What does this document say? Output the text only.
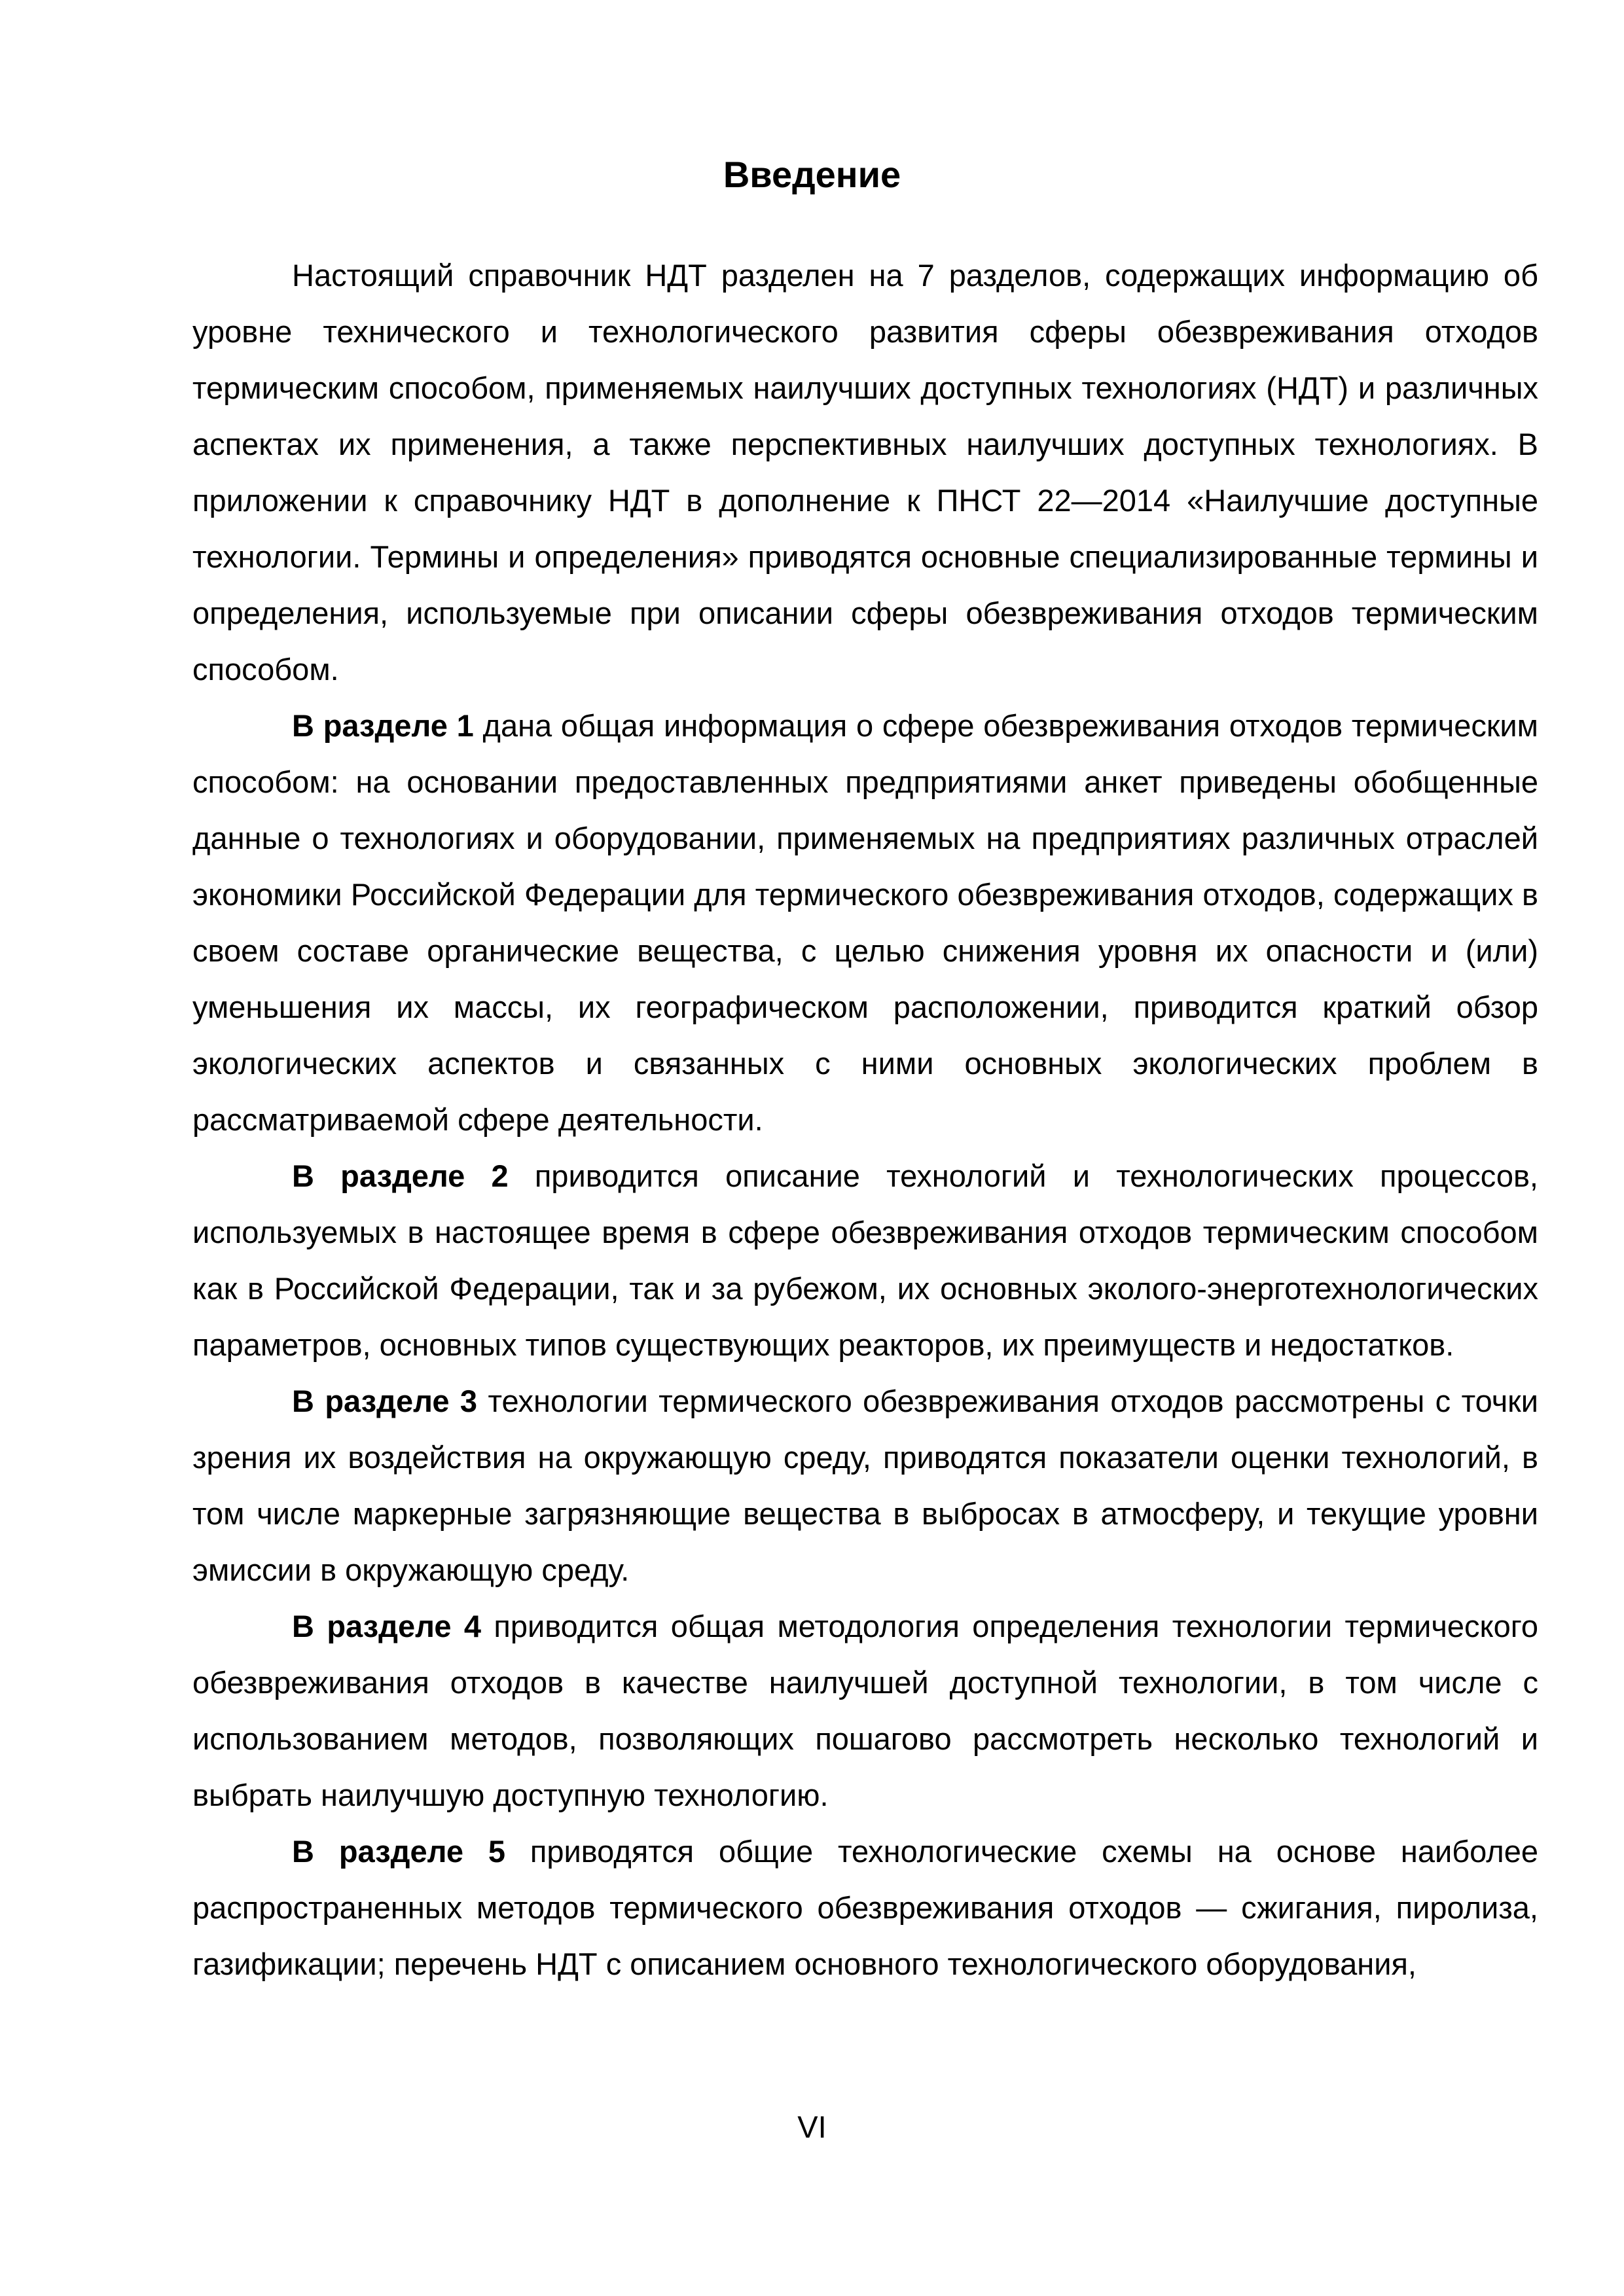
Введение

Настоящий справочник НДТ разделен на 7 разделов, содержащих информацию об уровне технического и технологического развития сферы обезвреживания отходов термическим способом, применяемых наилучших доступных технологиях (НДТ) и различных аспектах их применения, а также перспективных наилучших доступных технологиях. В приложении к справочнику НДТ в дополнение к ПНСТ 22—2014 «Наилучшие доступные технологии. Термины и определения» приводятся основные специализированные термины и определения, используемые при описании сферы обезвреживания отходов термическим способом.

В разделе 1 дана общая информация о сфере обезвреживания отходов термическим способом: на основании предоставленных предприятиями анкет приведены обобщенные данные о технологиях и оборудовании, применяемых на предприятиях различных отраслей экономики Российской Федерации для термического обезвреживания отходов, содержащих в своем составе органические вещества, с целью снижения уровня их опасности и (или) уменьшения их массы, их географическом расположении, приводится краткий обзор экологических аспектов и связанных с ними основных экологических проблем в рассматриваемой сфере деятельности.

В разделе 2 приводится описание технологий и технологических процессов, используемых в настоящее время в сфере обезвреживания отходов термическим способом как в Российской Федерации, так и за рубежом, их основных эколого-энерготехнологических параметров, основных типов существующих реакторов, их преимуществ и недостатков.

В разделе 3 технологии термического обезвреживания отходов рассмотрены с точки зрения их воздействия на окружающую среду, приводятся показатели оценки технологий, в том числе маркерные загрязняющие вещества в выбросах в атмосферу, и текущие уровни эмиссии в окружающую среду.

В разделе 4 приводится общая методология определения технологии термического обезвреживания отходов в качестве наилучшей доступной технологии, в том числе с использованием методов, позволяющих пошагово рассмотреть несколько технологий и выбрать наилучшую доступную технологию.

В разделе 5 приводятся общие технологические схемы на основе наиболее распространенных методов термического обезвреживания отходов — сжигания, пиролиза, газификации; перечень НДТ с описанием основного технологического оборудования,

VI
